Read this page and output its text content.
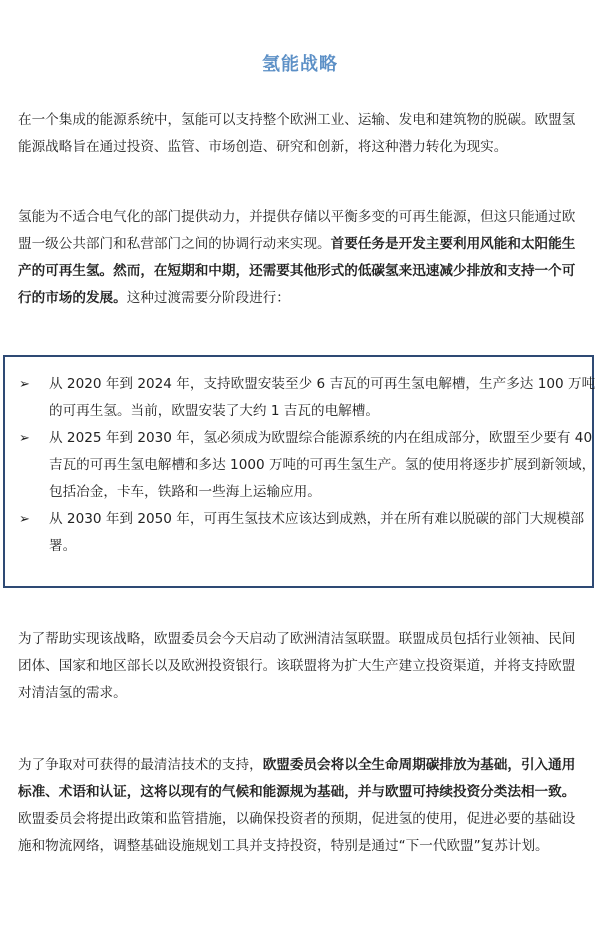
氢能战略

在一个集成的能源系统中，氢能可以支持整个欧洲工业、运输、发电和建筑物的脱碳。欧盟氢能源战略旨在通过投资、监管、市场创造、研究和创新，将这种潜力转化为现实。

氢能为不适合电气化的部门提供动力，并提供存储以平衡多变的可再生能源，但这只能通过欧盟一级公共部门和私营部门之间的协调行动来实现。首要任务是开发主要利用风能和太阳能生产的可再生氢。然而，在短期和中期，还需要其他形式的低碳氢来迅速减少排放和支持一个可行的市场的发展。这种过渡需要分阶段进行：

➢	从 2020 年到 2024 年，支持欧盟安装至少 6 吉瓦的可再生氢电解槽，生产多达 100 万吨的可再生氢。当前，欧盟安装了大约 1 吉瓦的电解槽。
➢	从 2025 年到 2030 年，氢必须成为欧盟综合能源系统的内在组成部分，欧盟至少要有 40 吉瓦的可再生氢电解槽和多达 1000 万吨的可再生氢生产。氢的使用将逐步扩展到新领域，包括冶金，卡车，铁路和一些海上运输应用。
➢	从 2030 年到 2050 年，可再生氢技术应该达到成熟，并在所有难以脱碳的部门大规模部署。

为了帮助实现该战略，欧盟委员会今天启动了欧洲清洁氢联盟。联盟成员包括行业领袖、民间团体、国家和地区部长以及欧洲投资银行。该联盟将为扩大生产建立投资渠道，并将支持欧盟对清洁氢的需求。

为了争取对可获得的最清洁技术的支持，欧盟委员会将以全生命周期碳排放为基础，引入通用标准、术语和认证，这将以现有的气候和能源规为基础，并与欧盟可持续投资分类法相一致。欧盟委员会将提出政策和监管措施，以确保投资者的预期，促进氢的使用，促进必要的基础设施和物流网络，调整基础设施规划工具并支持投资，特别是通过“下一代欧盟”复苏计划。
